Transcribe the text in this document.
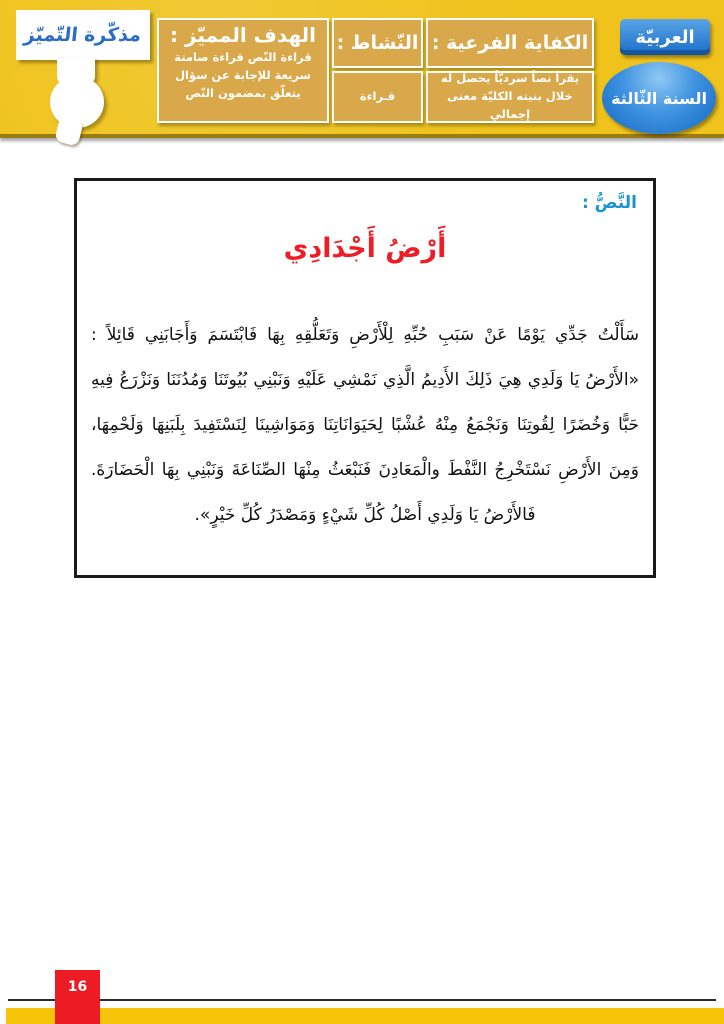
مذكّرة التّميّز	الكفاية الفرعية :
يقرأ نصاً سرديّاً يحصل له خلال بنيته الكليّة معنى إجمالي
النّشاط :
قـراءة
الهدف المميّز :
قراءة النّص قراءة صامتة سريعة للإجابة عن سؤال يتعلّق بمضمون النّص
العربيّة
السنة الثّالثة
النَّصُّ :
أَرْضُ أَجْدَادِي
سَأَلْتُ جَدِّي يَوْمًا عَنْ سَبَبِ حُبِّهِ لِلْأَرْضِ وَتَعَلُّقِهِ بِهَا فَابْتَسَمَ وَأَجَابَنِي قَائِلاً :
«الأَرْضُ يَا وَلَدِي هِيَ ذَلِكَ الأَدِيمُ الَّذِي نَمْشِي عَلَيْهِ وَنَبْنِي بُيُوتَنَا وَمُدُنَنَا وَنَزْرَعُ فِيهِ
حَبًّا وَخُضَرًا لِقُوتِنَا وَنَجْمَعُ مِنْهُ عُشْبًا لِحَيَوَانَاتِنَا وَمَوَاشِينَا لِنَسْتَفِيدَ بِلَبَنِهَا وَلَحْمِهَا،
وَمِنَ الأَرْضِ نَسْتَخْرِجُ النَّفْطَ والْمَعَادِنَ فَنَبْعَثُ مِنْهَا الصِّنَاعَةَ وَنَبْنِي بِهَا الْحَضَارَةَ.
فَالأَرْضُ يَا وَلَدِي أَصْلُ كُلِّ شَيْءٍ وَمَصْدَرُ كُلِّ خَيْرٍ».
16
